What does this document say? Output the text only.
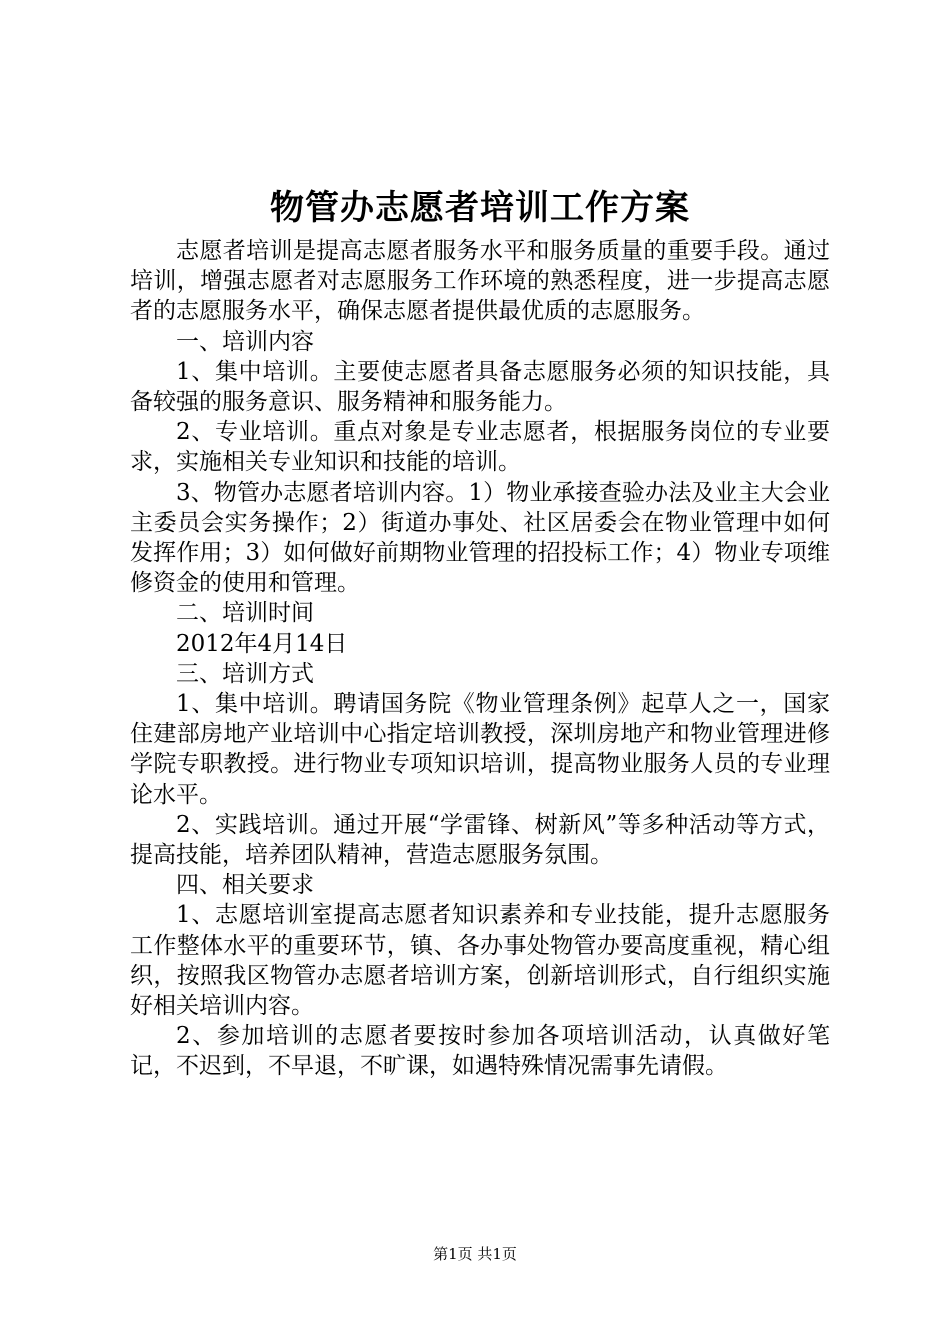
物管办志愿者培训工作方案

志愿者培训是提高志愿者服务水平和服务质量的重要手段。通过培训，增强志愿者对志愿服务工作环境的熟悉程度，进一步提高志愿者的志愿服务水平，确保志愿者提供最优质的志愿服务。

一、培训内容

1、集中培训。主要使志愿者具备志愿服务必须的知识技能，具备较强的服务意识、服务精神和服务能力。

2、专业培训。重点对象是专业志愿者，根据服务岗位的专业要求，实施相关专业知识和技能的培训。

3、物管办志愿者培训内容。1）物业承接查验办法及业主大会业主委员会实务操作；2）街道办事处、社区居委会在物业管理中如何发挥作用；3）如何做好前期物业管理的招投标工作；4）物业专项维修资金的使用和管理。

二、培训时间

2012年4月14日

三、培训方式

1、集中培训。聘请国务院《物业管理条例》起草人之一，国家住建部房地产业培训中心指定培训教授，深圳房地产和物业管理进修学院专职教授。进行物业专项知识培训，提高物业服务人员的专业理论水平。

2、实践培训。通过开展“学雷锋、树新风”等多种活动等方式，提高技能，培养团队精神，营造志愿服务氛围。

四、相关要求

1、志愿培训室提高志愿者知识素养和专业技能，提升志愿服务工作整体水平的重要环节，镇、各办事处物管办要高度重视，精心组织，按照我区物管办志愿者培训方案，创新培训形式，自行组织实施好相关培训内容。

2、参加培训的志愿者要按时参加各项培训活动，认真做好笔记，不迟到，不早退，不旷课，如遇特殊情况需事先请假。

第1页 共1页
